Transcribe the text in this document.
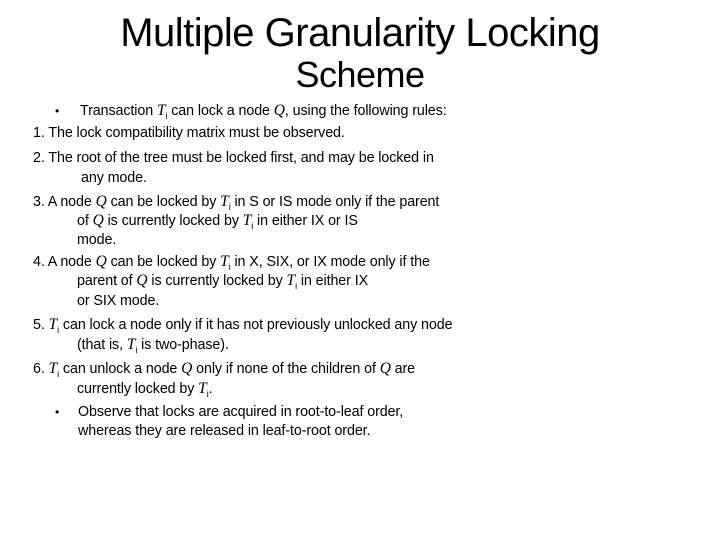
Multiple Granularity Locking
Scheme
• Transaction $T_i$ can lock a node Q, using the following rules:
1. The lock compatibility matrix must be observed.
2. The root of the tree must be locked first, and may be locked in
any mode.
3. A node Q can be locked by $T_i$ in S or IS mode only if the parent
of Q is currently locked by $T_i$ in either IX or IS
mode.
4. A node Q can be locked by $T_i$ in X, SIX, or IX mode only if the
parent of Q is currently locked by $T_i$ in either IX
or SIX mode.
5. $T_i$ can lock a node only if it has not previously unlocked any node
(that is, $T_i$ is two-phase).
6. $T_i$ can unlock a node Q only if none of the children of Q are
currently locked by $T_i$.
• Observe that locks are acquired in root-to-leaf order,
whereas they are released in leaf-to-root order.
